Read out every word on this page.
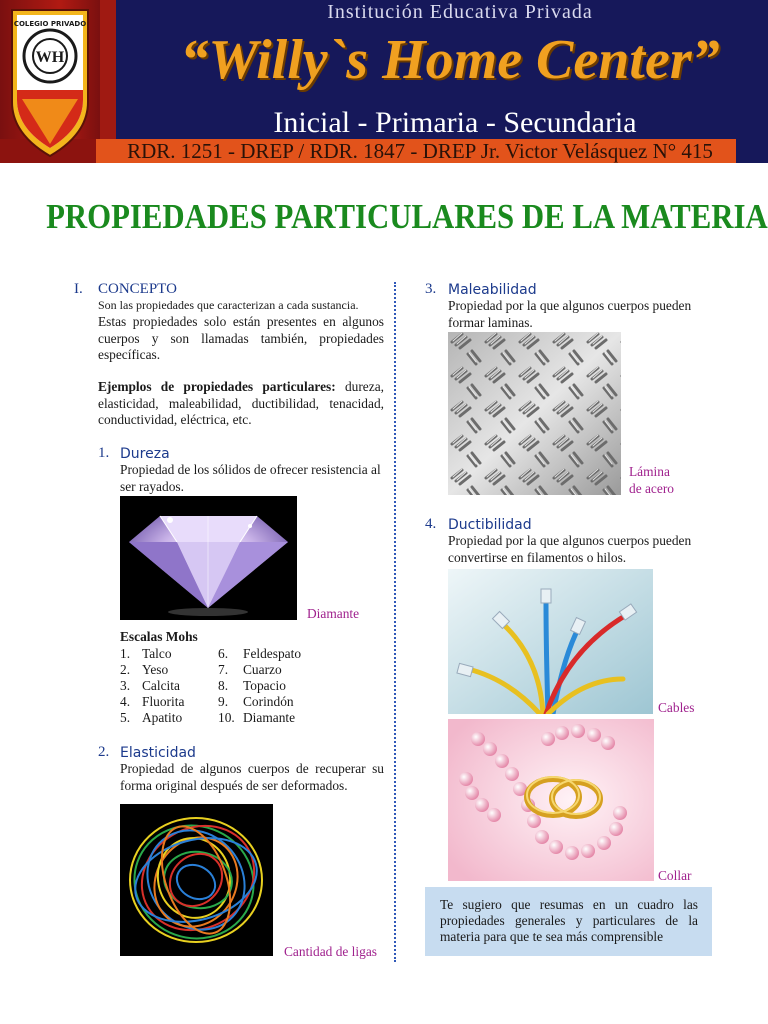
WH
COLEGIO PRIVADO
Institución Educativa Privada
“Willy`s Home Center”
Inicial - Primaria - Secundaria
RDR. 1251 - DREP / RDR. 1847 - DREP Jr. Victor Velásquez N° 415
PROPIEDADES PARTICULARES DE LA MATERIA
I. CONCEPTO
Son las propiedades que caracterizan a cada sustancia.
Estas propiedades solo están presentes en algunos cuerpos y son llamadas también, propiedades específicas.
Ejemplos de propiedades particulares: dureza, elasticidad, maleabilidad, ductibilidad, tenacidad, conductividad, eléctrica, etc.
1. Dureza
Propiedad de los sólidos de ofrecer resistencia al ser rayados.
Diamante
Escalas Mohs
1.	Talco	6.	Feldespato
2.	Yeso	7.	Cuarzo
3.	Calcita	8.	Topacio
4.	Fluorita	9.	Corindón
5.	Apatito	10.	Diamante
2. Elasticidad
Propiedad de algunos cuerpos de recuperar su forma original después de ser deformados.
Cantidad de ligas
3. Maleabilidad
Propiedad por la que algunos cuerpos pueden formar laminas.
Lámina
de acero
4. Ductibilidad
Propiedad por la que algunos cuerpos pueden convertirse en filamentos o hilos.
Cables
Collar
Te sugiero que resumas en un cuadro las propiedades generales y particulares de la materia para que te sea más comprensible
